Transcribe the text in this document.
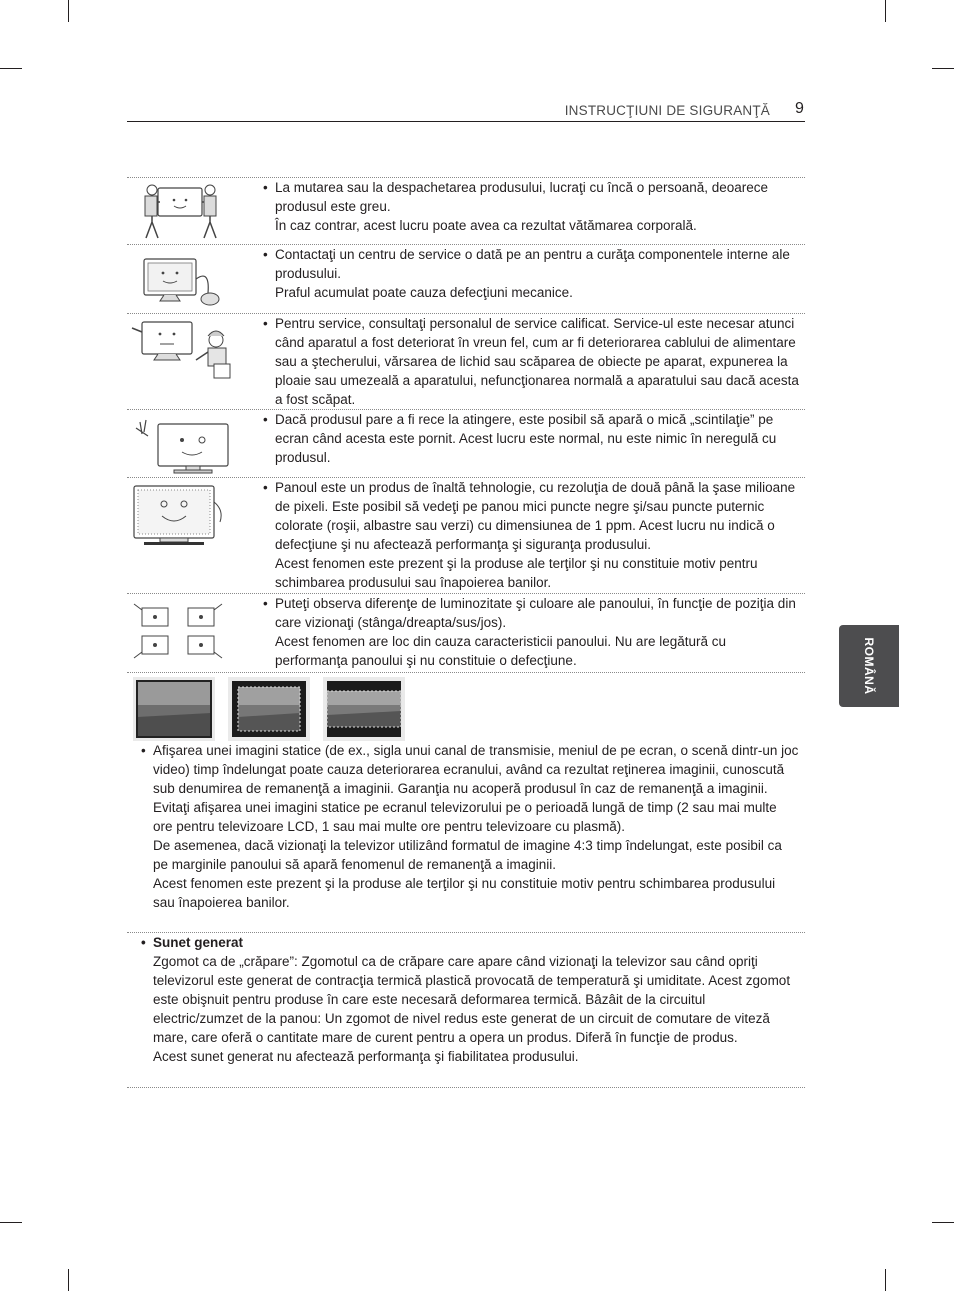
INSTRUCŢIUNI DE SIGURANŢĂ 9
ROMÂNĂ

• La mutarea sau la despachetarea produsului, lucraţi cu încă o persoană, deoarece produsul este greu.

În caz contrar, acest lucru poate avea ca rezultat vătămarea corporală.

• Contactaţi un centru de service o dată pe an pentru a curăţa componentele interne ale produsului.

Praful acumulat poate cauza defecţiuni mecanice.

• Pentru service, consultaţi personalul de service calificat. Service-ul este necesar atunci când aparatul a fost deteriorat în vreun fel, cum ar fi deteriorarea cablului de alimentare sau a ştecherului, vărsarea de lichid sau scăparea de obiecte pe aparat, expunerea la ploaie sau umezeală a aparatului, nefuncţionarea normală a aparatului sau dacă acesta a fost scăpat.

• Dacă produsul pare a fi rece la atingere, este posibil să apară o mică „scintilaţie” pe ecran când acesta este pornit. Acest lucru este normal, nu este nimic în neregulă cu produsul.

• Panoul este un produs de înaltă tehnologie, cu rezoluţia de două până la şase milioane de pixeli. Este posibil să vedeţi pe panou mici puncte negre şi/sau puncte puternic colorate (roşii, albastre sau verzi) cu dimensiunea de 1 ppm. Acest lucru nu indică o defecţiune şi nu afectează performanţa şi siguranţa produsului.

Acest fenomen este prezent şi la produse ale terţilor şi nu constituie motiv pentru schimbarea produsului sau înapoierea banilor.

• Puteţi observa diferenţe de luminozitate şi culoare ale panoului, în funcţie de poziţia din care vizionaţi (stânga/dreapta/sus/jos).

Acest fenomen are loc din cauza caracteristicii panoului. Nu are legătură cu performanţa panoului şi nu constituie o defecţiune.

• Afişarea unei imagini statice (de ex., sigla unui canal de transmisie, meniul de pe ecran, o scenă dintr-un joc video) timp îndelungat poate cauza deteriorarea ecranului, având ca rezultat reţinerea imaginii, cunoscută sub denumirea de remanenţă a imaginii. Garanţia nu acoperă produsul în caz de remanenţă a imaginii.

Evitaţi afişarea unei imagini statice pe ecranul televizorului pe o perioadă lungă de timp (2 sau mai multe ore pentru televizoare LCD, 1 sau mai multe ore pentru televizoare cu plasmă).

De asemenea, dacă vizionaţi la televizor utilizând formatul de imagine 4:3 timp îndelungat, este posibil ca pe marginile panoului să apară fenomenul de remanenţă a imaginii.

Acest fenomen este prezent şi la produse ale terţilor şi nu constituie motiv pentru schimbarea produsului sau înapoierea banilor.

• Sunet generat

Zgomot ca de „crăpare”: Zgomotul ca de crăpare care apare când vizionaţi la televizor sau când opriţi televizorul este generat de contracţia termică plastică provocată de temperatură şi umiditate. Acest zgomot este obişnuit pentru produse în care este necesară deformarea termică. Bâzâit de la circuitul electric/zumzet de la panou: Un zgomot de nivel redus este generat de un circuit de comutare de viteză mare, care oferă o cantitate mare de curent pentru a opera un produs. Diferă în funcţie de produs.

Acest sunet generat nu afectează performanţa şi fiabilitatea produsului.
